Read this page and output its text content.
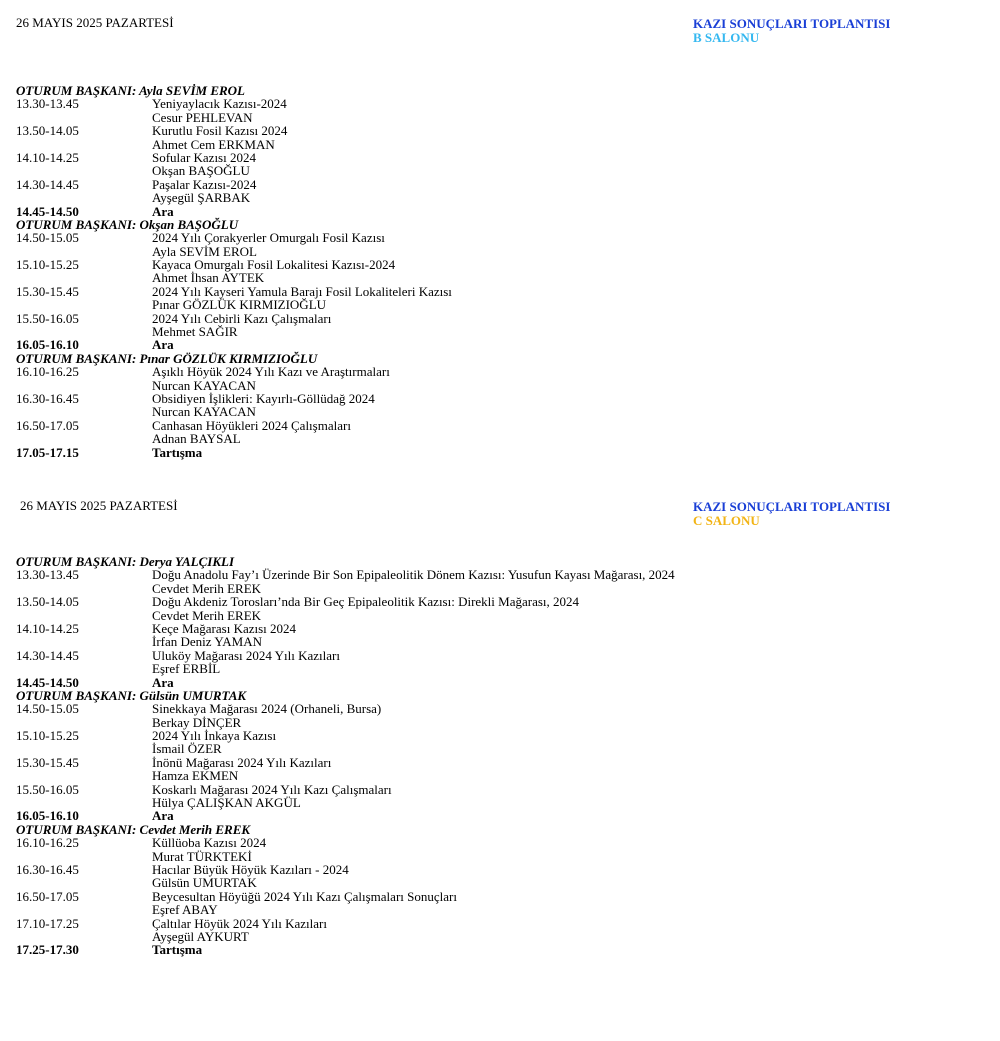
26 MAYIS 2025 PAZARTESİ	KAZI SONUÇLARI TOPLANTISI
B SALONU
OTURUM BAŞKANI: Ayla SEVİM EROL
13.30-13.45	Yeniyaylacık Kazısı-2024
Cesur PEHLEVAN
13.50-14.05	Kurutlu Fosil Kazısı 2024
Ahmet Cem ERKMAN
14.10-14.25	Sofular Kazısı 2024
Okşan BAŞOĞLU
14.30-14.45	Paşalar Kazısı-2024
Ayşegül ŞARBAK
14.45-14.50	Ara
OTURUM BAŞKANI: Okşan BAŞOĞLU
14.50-15.05	2024 Yılı Çorakyerler Omurgalı Fosil Kazısı
Ayla SEVİM EROL
15.10-15.25	Kayaca Omurgalı Fosil Lokalitesi Kazısı-2024
Ahmet İhsan AYTEK
15.30-15.45	2024 Yılı Kayseri Yamula Barajı Fosil Lokaliteleri Kazısı
Pınar GÖZLÜK KIRMIZIOĞLU
15.50-16.05	2024 Yılı Cebirli Kazı Çalışmaları
Mehmet SAĞIR
16.05-16.10	Ara
OTURUM BAŞKANI: Pınar GÖZLÜK KIRMIZIOĞLU
16.10-16.25	Aşıklı Höyük 2024 Yılı Kazı ve Araştırmaları
Nurcan KAYACAN
16.30-16.45	Obsidiyen İşlikleri: Kayırlı-Göllüdağ 2024
Nurcan KAYACAN
16.50-17.05	Canhasan Höyükleri 2024 Çalışmaları
Adnan BAYSAL
17.05-17.15	Tartışma
26 MAYIS 2025 PAZARTESİ	KAZI SONUÇLARI TOPLANTISI
C SALONU
OTURUM BAŞKANI: Derya YALÇIKLI
13.30-13.45	Doğu Anadolu Fay’ı Üzerinde Bir Son Epipaleolitik Dönem Kazısı: Yusufun Kayası Mağarası, 2024
Cevdet Merih EREK
13.50-14.05	Doğu Akdeniz Torosları’nda Bir Geç Epipaleolitik Kazısı: Direkli Mağarası, 2024
Cevdet Merih EREK
14.10-14.25	Keçe Mağarası Kazısı 2024
İrfan Deniz YAMAN
14.30-14.45	Uluköy Mağarası 2024 Yılı Kazıları
Eşref ERBİL
14.45-14.50	Ara
OTURUM BAŞKANI: Gülsün UMURTAK
14.50-15.05	Sinekkaya Mağarası 2024 (Orhaneli, Bursa)
Berkay DİNÇER
15.10-15.25	2024 Yılı İnkaya Kazısı
İsmail ÖZER
15.30-15.45	İnönü Mağarası 2024 Yılı Kazıları
Hamza EKMEN
15.50-16.05	Koskarlı Mağarası 2024 Yılı Kazı Çalışmaları
Hülya ÇALIŞKAN AKGÜL
16.05-16.10	Ara
OTURUM BAŞKANI: Cevdet Merih EREK
16.10-16.25	Küllüoba Kazısı 2024
Murat TÜRKTEKİ
16.30-16.45	Hacılar Büyük Höyük Kazıları - 2024
Gülsün UMURTAK
16.50-17.05	Beycesultan Höyüğü 2024 Yılı Kazı Çalışmaları Sonuçları
Eşref ABAY
17.10-17.25	Çaltılar Höyük 2024 Yılı Kazıları
Ayşegül AYKURT
17.25-17.30	Tartışma
